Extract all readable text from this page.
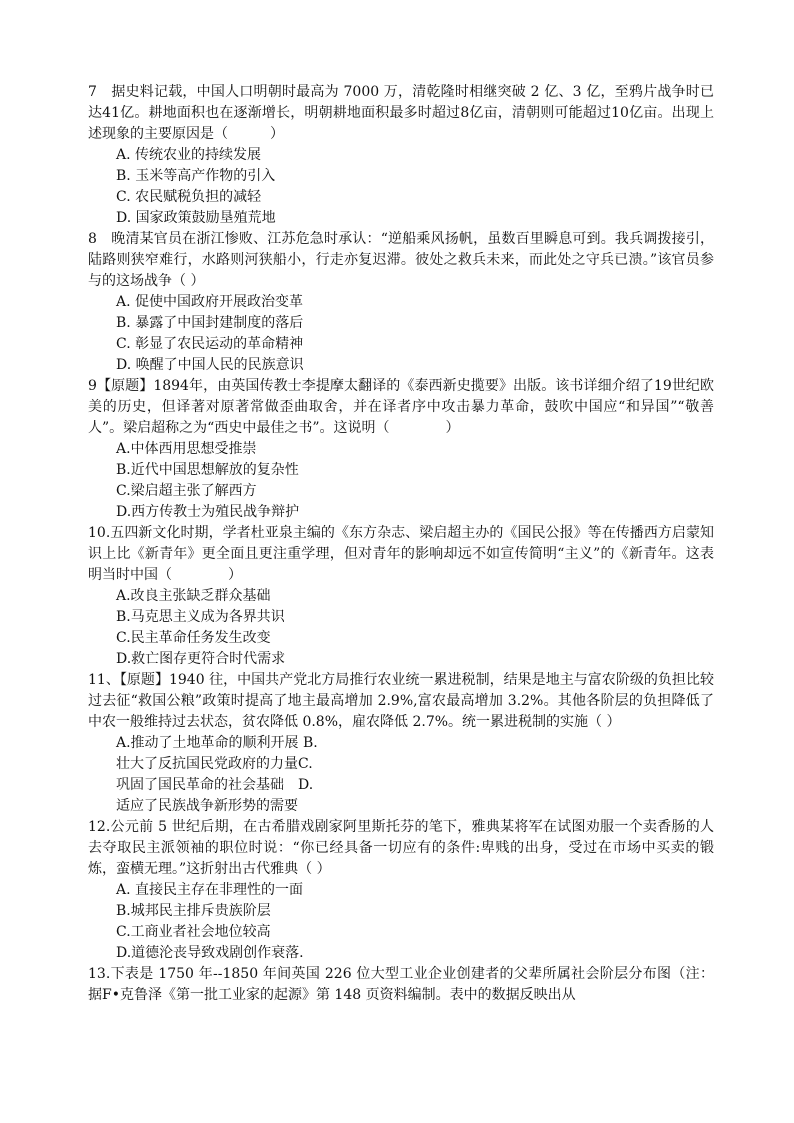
7　据史料记载，中国人口明朝时最高为 7000 万，清乾隆时相继突破 2 亿、3 亿，至鸦片战争时已达41亿。耕地面积也在逐渐增长，明朝耕地面积最多时超过8亿亩，清朝则可能超过10亿亩。出现上述现象的主要原因是（　　　）

A. 传统农业的持续发展

B. 玉米等高产作物的引入

C. 农民赋税负担的减轻

D. 国家政策鼓励垦殖荒地

8　晚清某官员在浙江惨败、江苏危急时承认：“逆船乘风扬帆，虽数百里瞬息可到。我兵调拨接引，陆路则狭窄难行，水路则河狭船小，行走亦复迟滞。彼处之救兵未来，而此处之守兵已溃。”该官员参与的这场战争（ ）

A. 促使中国政府开展政治变革

B. 暴露了中国封建制度的落后

C. 彰显了农民运动的革命精神

D. 唤醒了中国人民的民族意识

9【原题】1894年，由英国传教士李提摩太翻译的《泰西新史揽要》出版。该书详细介绍了19世纪欧美的历史，但译著对原著常做歪曲取舍，并在译者序中攻击暴力革命，鼓吹中国应“和异国”“敬善人”。梁启超称之为“西史中最佳之书”。这说明（　　　　）

A.中体西用思想受推崇

B.近代中国思想解放的复杂性

C.梁启超主张了解西方

D.西方传教士为殖民战争辩护

10.五四新文化时期，学者杜亚泉主编的《东方杂志、梁启超主办的《国民公报》等在传播西方启蒙知识上比《新青年》更全面且更注重学理，但对青年的影响却远不如宣传简明“主义”的《新青年。这表明当时中国（　　　　）

A.改良主张缺乏群众基础

B.马克思主义成为各界共识

C.民主革命任务发生改变

D.救亡图存更符合时代需求

11、【原题】1940 往，中国共产党北方局推行农业统一累进税制，结果是地主与富农阶级的负担比较过去征“救国公粮”政策时提高了地主最高增加 2.9%,富农最高增加 3.2%。其他各阶层的负担降低了中农一般维持过去状态，贫农降低 0.8%，雇农降低 2.7%。统一累进税制的实施（ ）

A.推动了土地革命的顺利开展 B.

壮大了反抗国民党政府的力量C.

巩固了国民革命的社会基础　D.

适应了民族战争新形势的需要

12.公元前 5 世纪后期，在古希腊戏剧家阿里斯托芬的笔下，雅典某将军在试图劝服一个卖香肠的人去夺取民主派领袖的职位时说：“你已经具备一切应有的条件:卑贱的出身，受过在市场中买卖的锻炼，蛮横无理。”这折射出古代雅典（ ）

A. 直接民主存在非理性的一面

B.城邦民主排斥贵族阶层

C.工商业者社会地位较高

D.道德沦丧导致戏剧创作衰落.

13.下表是 1750 年--1850 年间英国 226 位大型工业企业创建者的父辈所属社会阶层分布图（注：据F•克鲁泽《第一批工业家的起源》第 148 页资料编制。表中的数据反映出从
